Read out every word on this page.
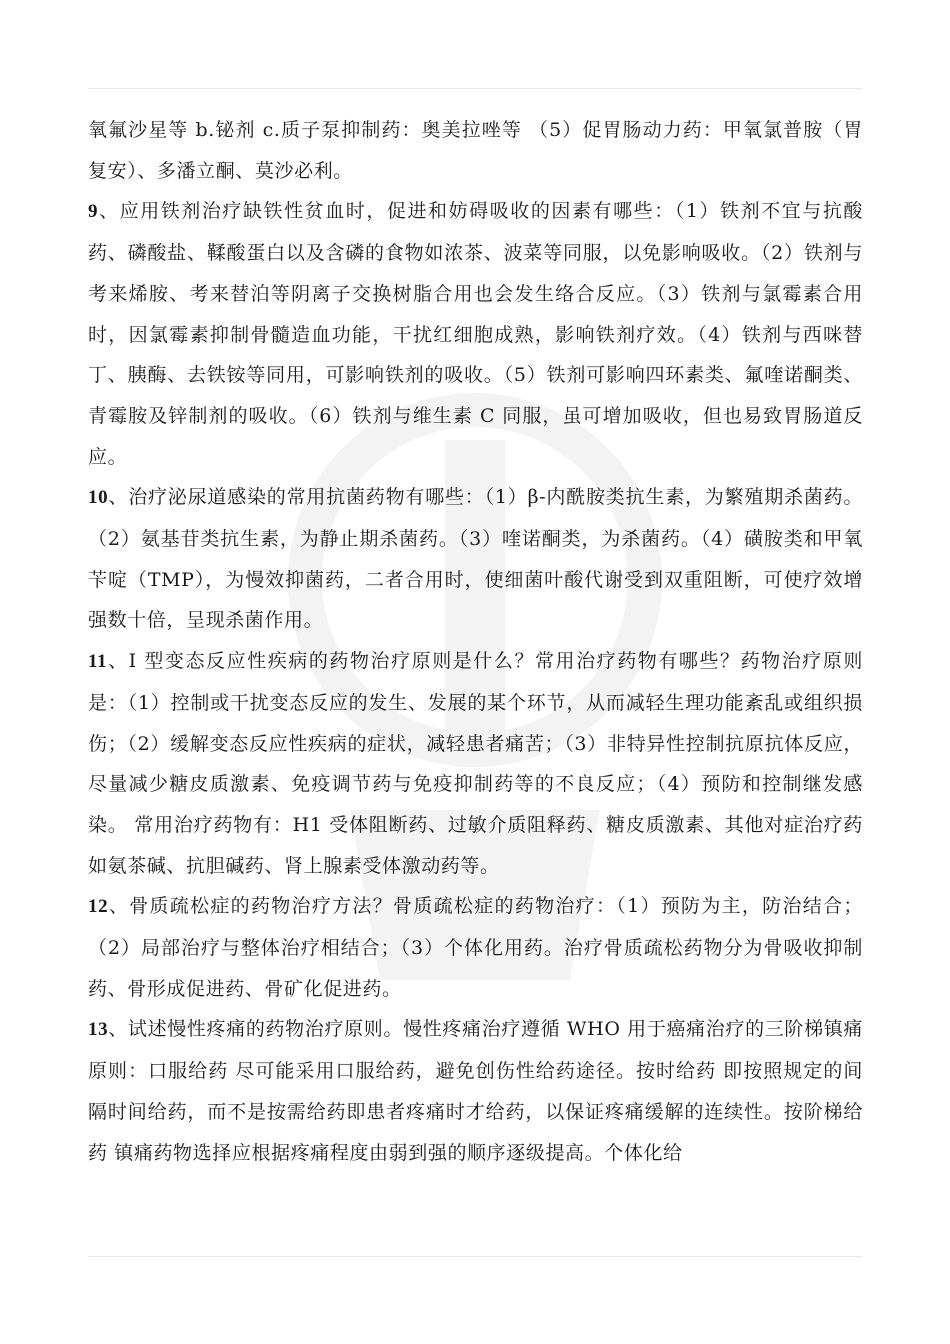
氧氟沙星等 b.铋剂 c.质子泵抑制药：奥美拉唑等 （5）促胃肠动力药：甲氧氯普胺（胃复安）、多潘立酮、莫沙必利。

9、应用铁剂治疗缺铁性贫血时，促进和妨碍吸收的因素有哪些：（1）铁剂不宜与抗酸药、磷酸盐、鞣酸蛋白以及含磷的食物如浓茶、波菜等同服，以免影响吸收。（2）铁剂与考来烯胺、考来替泊等阴离子交换树脂合用也会发生络合反应。（3）铁剂与氯霉素合用时，因氯霉素抑制骨髓造血功能，干扰红细胞成熟，影响铁剂疗效。（4）铁剂与西咪替丁、胰酶、去铁铵等同用，可影响铁剂的吸收。（5）铁剂可影响四环素类、氟喹诺酮类、青霉胺及锌制剂的吸收。（6）铁剂与维生素 C 同服，虽可增加吸收，但也易致胃肠道反应。

10、治疗泌尿道感染的常用抗菌药物有哪些：（1）β-内酰胺类抗生素，为繁殖期杀菌药。（2）氨基苷类抗生素，为静止期杀菌药。（3）喹诺酮类，为杀菌药。（4）磺胺类和甲氧苄啶（TMP），为慢效抑菌药，二者合用时，使细菌叶酸代谢受到双重阻断，可使疗效增强数十倍，呈现杀菌作用。

11、I 型变态反应性疾病的药物治疗原则是什么？常用治疗药物有哪些？药物治疗原则是：（1）控制或干扰变态反应的发生、发展的某个环节，从而减轻生理功能紊乱或组织损伤；（2）缓解变态反应性疾病的症状，减轻患者痛苦；（3）非特异性控制抗原抗体反应，尽量减少糖皮质激素、免疫调节药与免疫抑制药等的不良反应；（4）预防和控制继发感染。 常用治疗药物有：H1 受体阻断药、过敏介质阻释药、糖皮质激素、其他对症治疗药如氨茶碱、抗胆碱药、肾上腺素受体激动药等。

12、骨质疏松症的药物治疗方法？骨质疏松症的药物治疗：（1）预防为主，防治结合；（2）局部治疗与整体治疗相结合；（3）个体化用药。治疗骨质疏松药物分为骨吸收抑制药、骨形成促进药、骨矿化促进药。

13、试述慢性疼痛的药物治疗原则。慢性疼痛治疗遵循 WHO 用于癌痛治疗的三阶梯镇痛原则：口服给药 尽可能采用口服给药，避免创伤性给药途径。按时给药 即按照规定的间隔时间给药，而不是按需给药即患者疼痛时才给药，以保证疼痛缓解的连续性。按阶梯给药 镇痛药物选择应根据疼痛程度由弱到强的顺序逐级提高。个体化给
